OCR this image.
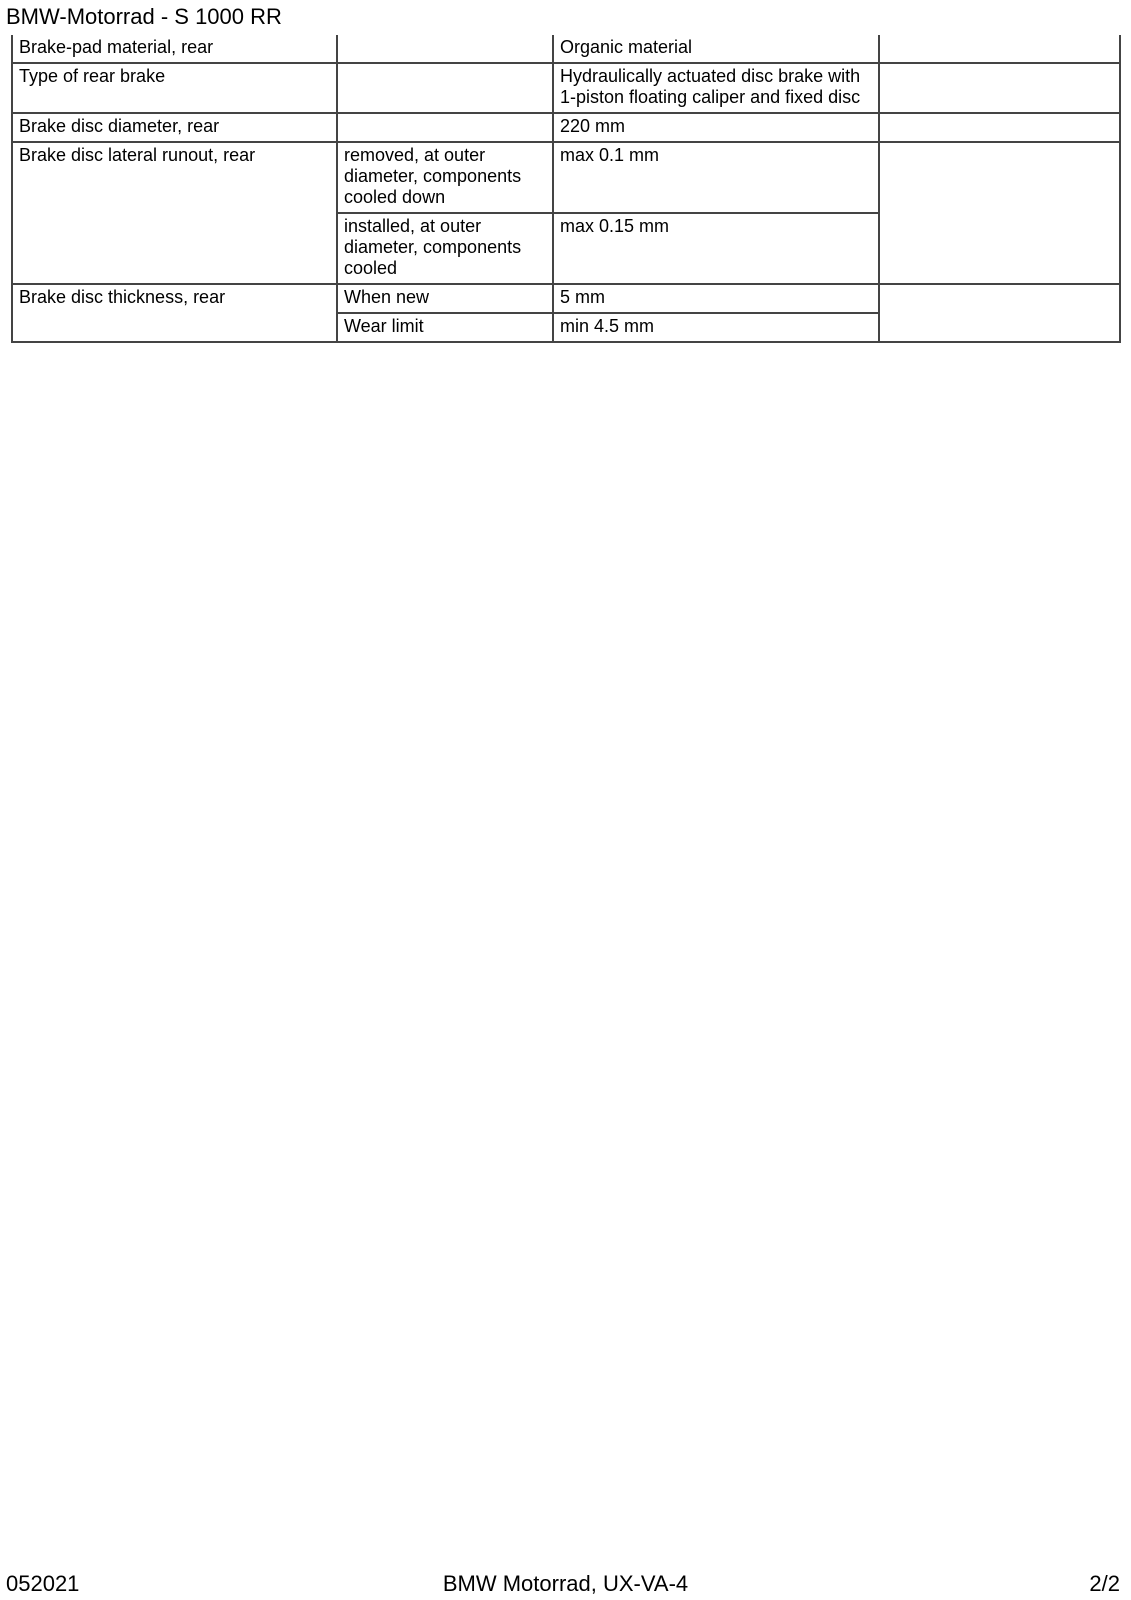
BMW-Motorrad - S 1000 RR
Brake-pad material, rear		Organic material	
Type of rear brake		Hydraulically actuated disc brake with
1-piston floating caliper and fixed disc	
Brake disc diameter, rear		220 mm	
Brake disc lateral runout, rear	removed, at outer
diameter, components
cooled down	max 0.1 mm	
	installed, at outer
diameter, components
cooled	max 0.15 mm	
Brake disc thickness, rear	When new	5 mm	
	Wear limit	min 4.5 mm	
052021	BMW Motorrad, UX-VA-4	2/2
